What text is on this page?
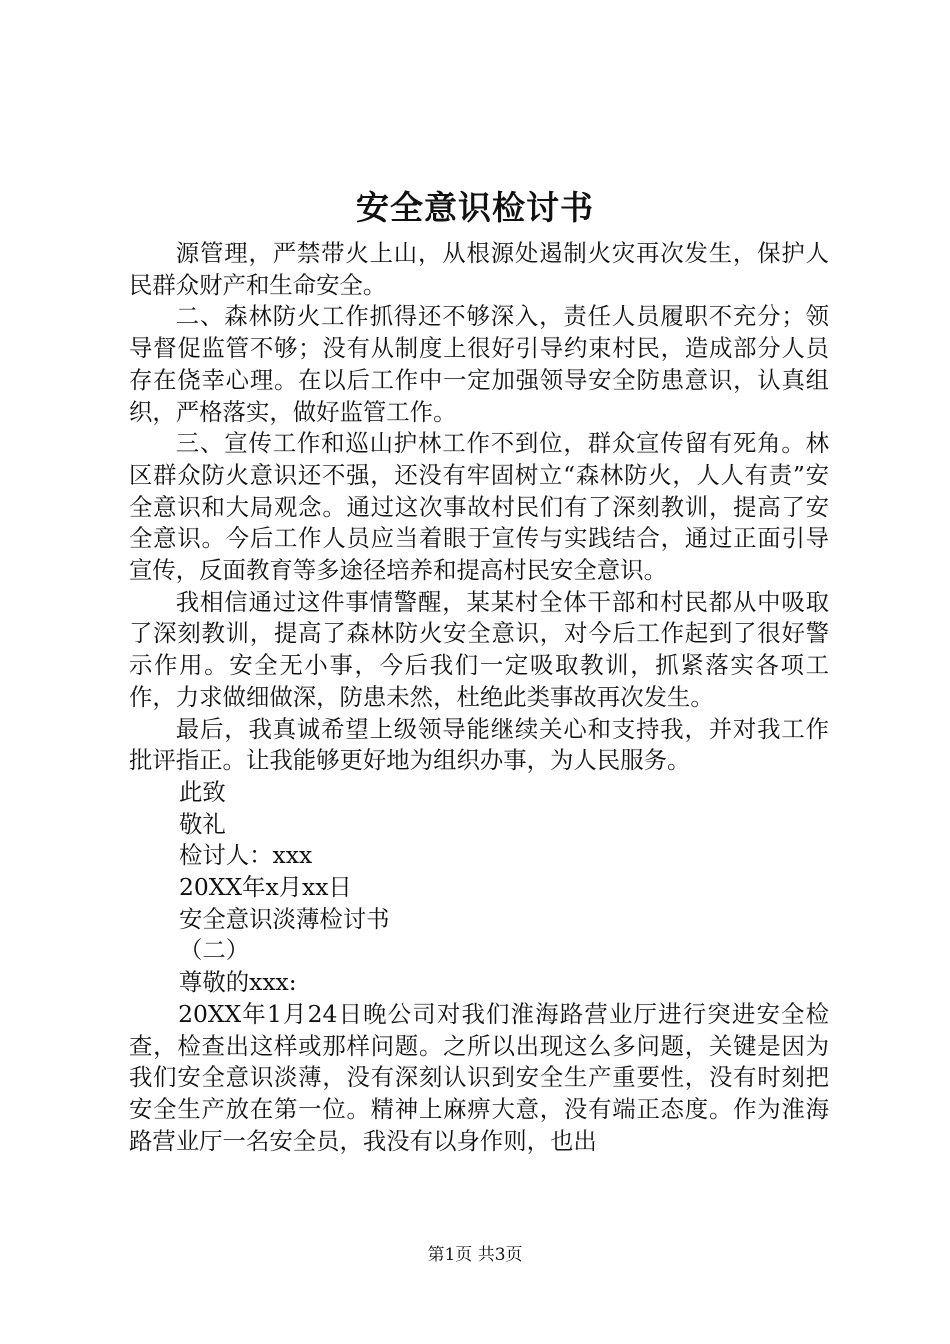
安全意识检讨书

源管理，严禁带火上山，从根源处遏制火灾再次发生，保护人民群众财产和生命安全。

二、森林防火工作抓得还不够深入，责任人员履职不充分；领导督促监管不够；没有从制度上很好引导约束村民，造成部分人员存在侥幸心理。在以后工作中一定加强领导安全防患意识，认真组织，严格落实，做好监管工作。

三、宣传工作和巡山护林工作不到位，群众宣传留有死角。林区群众防火意识还不强，还没有牢固树立“森林防火，人人有责”安全意识和大局观念。通过这次事故村民们有了深刻教训，提高了安全意识。今后工作人员应当着眼于宣传与实践结合，通过正面引导宣传，反面教育等多途径培养和提高村民安全意识。

我相信通过这件事情警醒，某某村全体干部和村民都从中吸取了深刻教训，提高了森林防火安全意识，对今后工作起到了很好警示作用。安全无小事，今后我们一定吸取教训，抓紧落实各项工作，力求做细做深，防患未然，杜绝此类事故再次发生。

最后，我真诚希望上级领导能继续关心和支持我，并对我工作批评指正。让我能够更好地为组织办事，为人民服务。

此致

敬礼

检讨人：xxx

20XX年x月xx日

安全意识淡薄检讨书

（二）

尊敬的xxx:

20XX年1月24日晚公司对我们淮海路营业厅进行突进安全检查，检查出这样或那样问题。之所以出现这么多问题，关键是因为我们安全意识淡薄，没有深刻认识到安全生产重要性，没有时刻把安全生产放在第一位。精神上麻痹大意，没有端正态度。作为淮海路营业厅一名安全员，我没有以身作则，也出

第1页 共3页
